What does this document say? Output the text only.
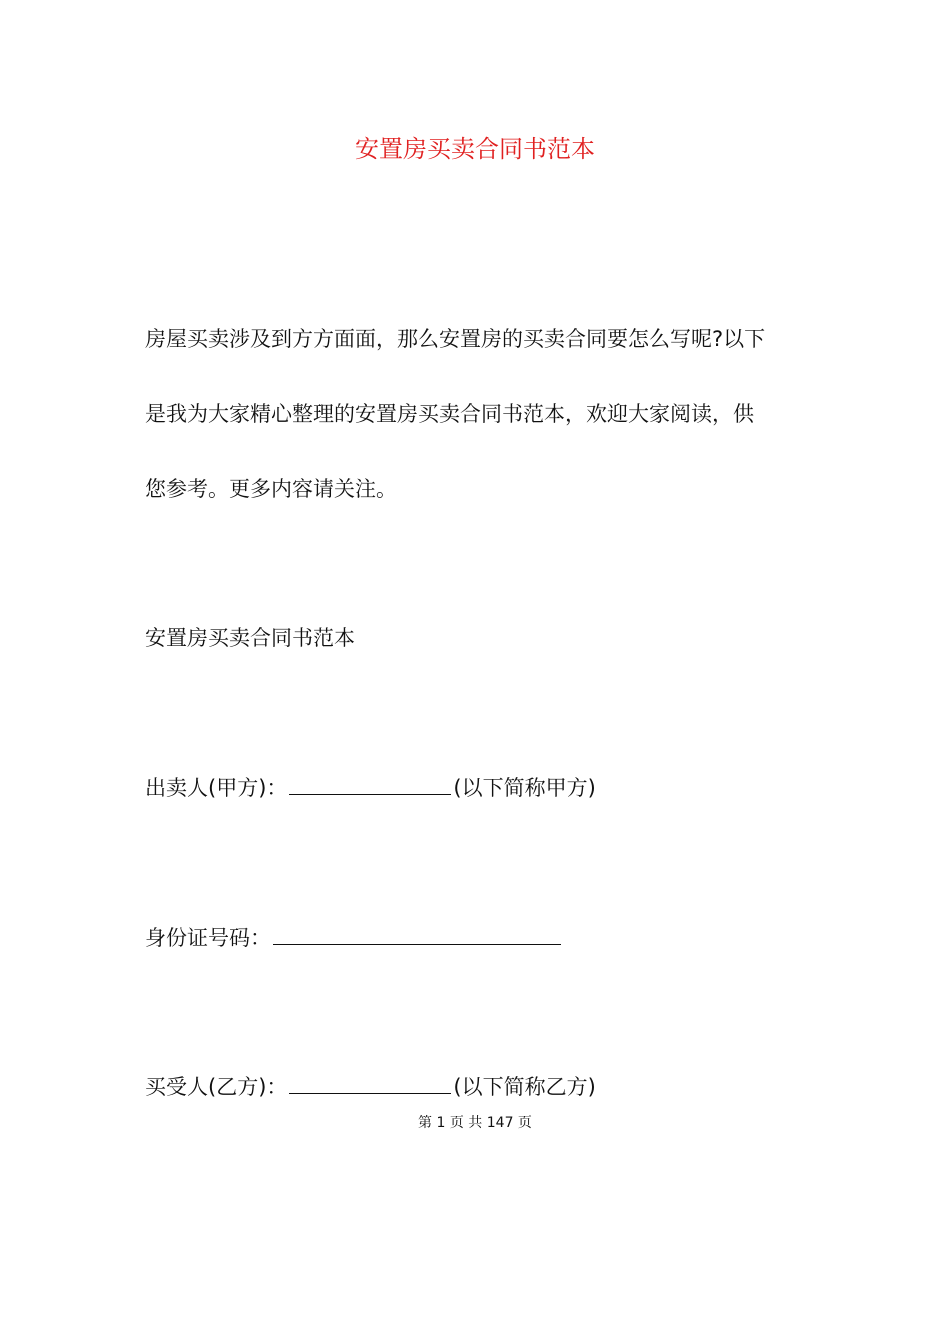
安置房买卖合同书范本

房屋买卖涉及到方方面面，那么安置房的买卖合同要怎么写呢?以下

是我为大家精心整理的安置房买卖合同书范本，欢迎大家阅读，供

您参考。更多内容请关注。

安置房买卖合同书范本

出卖人(甲方)：	(以下简称甲方)

身份证号码：

买受人(乙方)：	(以下简称乙方)

第 1 页 共 147 页
